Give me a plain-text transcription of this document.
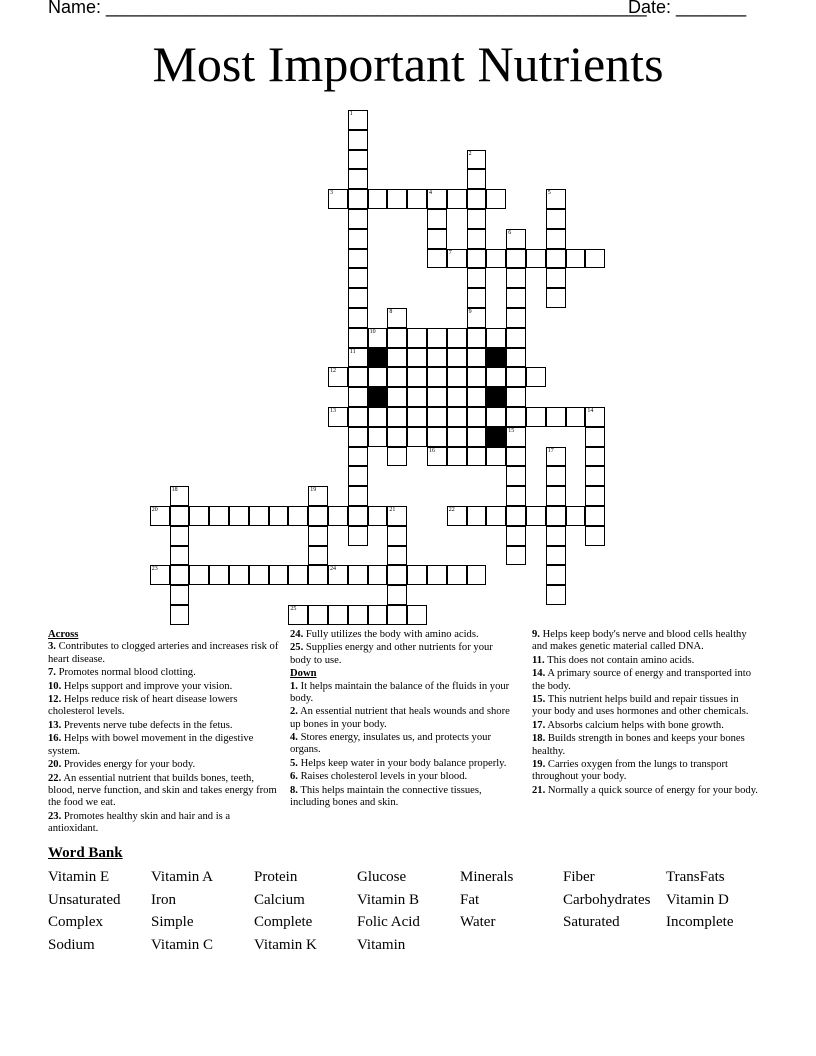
Name: ______________________________________________________
Date: _______
Most Important Nutrients
1
11
2
3	4	5
6
15
7
8	9
10
12
13	14
16	17
18	19
20	21	22
23	24
25
Across
3. Contributes to clogged arteries and increases risk of heart disease.
7. Promotes normal blood clotting.
10. Helps support and improve your vision.
12. Helps reduce risk of heart disease lowers cholesterol levels.
13. Prevents nerve tube defects in the fetus.
16. Helps with bowel movement in the digestive system.
20. Provides energy for your body.
22. An essential nutrient that builds bones, teeth, blood, nerve function, and skin and takes energy from the food we eat.
23. Promotes healthy skin and hair and is a antioxidant.
24. Fully utilizes the body with amino acids.
25. Supplies energy and other nutrients for your body to use.
Down
1. It helps maintain the balance of the fluids in your body.
2. An essential nutrient that heals wounds and shore up bones in your body.
4. Stores energy, insulates us, and protects your organs.
5. Helps keep water in your body balance properly.
6. Raises cholesterol levels in your blood.
8. This helps maintain the connective tissues, including bones and skin.
9. Helps keep body's nerve and blood cells healthy and makes genetic material called DNA.
11. This does not contain amino acids.
14. A primary source of energy and transported into the body.
15. This nutrient helps build and repair tissues in your body and uses hormones and other chemicals.
17. Absorbs calcium helps with bone growth.
18. Builds strength in bones and keeps your bones healthy.
19. Carries oxygen from the lungs to transport throughout your body.
21. Normally a quick source of energy for your body.
Word Bank
Vitamin E	Vitamin A	Protein	Glucose	Minerals	Fiber	TransFats
Unsaturated	Iron	Calcium	Vitamin B	Fat	Carbohydrates	Vitamin D
Complex	Simple	Complete	Folic Acid	Water	Saturated	Incomplete
Sodium	Vitamin C	Vitamin K	Vitamin
